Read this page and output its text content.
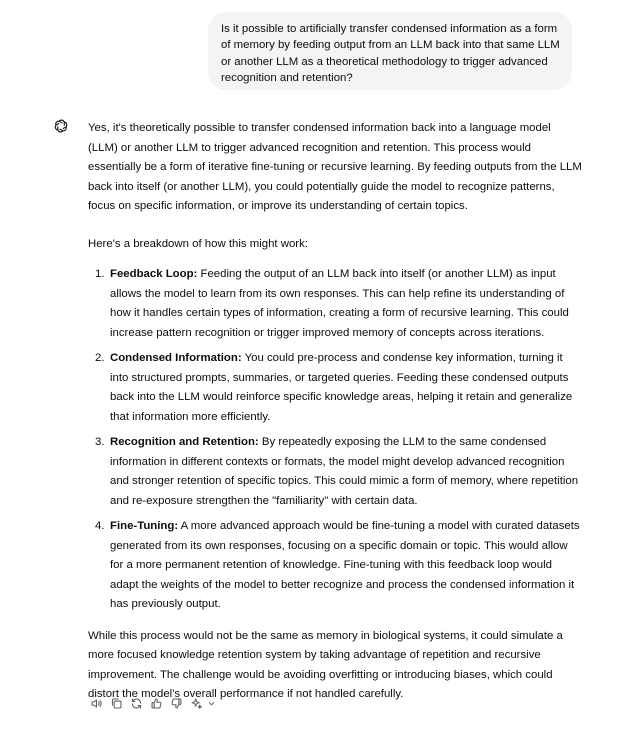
Is it possible to artificially transfer condensed information as a form of memory by feeding output from an LLM back into that same LLM or another LLM as a theoretical methodology to trigger advanced recognition and retention?

Yes, it's theoretically possible to transfer condensed information back into a language model (LLM) or another LLM to trigger advanced recognition and retention. This process would essentially be a form of iterative fine-tuning or recursive learning. By feeding outputs from the LLM back into itself (or another LLM), you could potentially guide the model to recognize patterns, focus on specific information, or improve its understanding of certain topics.

Here's a breakdown of how this might work:

1. Feedback Loop: Feeding the output of an LLM back into itself (or another LLM) as input allows the model to learn from its own responses. This can help refine its understanding of how it handles certain types of information, creating a form of recursive learning. This could increase pattern recognition or trigger improved memory of concepts across iterations.
2. Condensed Information: You could pre-process and condense key information, turning it into structured prompts, summaries, or targeted queries. Feeding these condensed outputs back into the LLM would reinforce specific knowledge areas, helping it retain and generalize that information more efficiently.
3. Recognition and Retention: By repeatedly exposing the LLM to the same condensed information in different contexts or formats, the model might develop advanced recognition and stronger retention of specific topics. This could mimic a form of memory, where repetition and re-exposure strengthen the "familiarity" with certain data.
4. Fine-Tuning: A more advanced approach would be fine-tuning a model with curated datasets generated from its own responses, focusing on a specific domain or topic. This would allow for a more permanent retention of knowledge. Fine-tuning with this feedback loop would adapt the weights of the model to better recognize and process the condensed information it has previously output.

While this process would not be the same as memory in biological systems, it could simulate a more focused knowledge retention system by taking advantage of repetition and recursive improvement. The challenge would be avoiding overfitting or introducing biases, which could distort the model's overall performance if not handled carefully.
